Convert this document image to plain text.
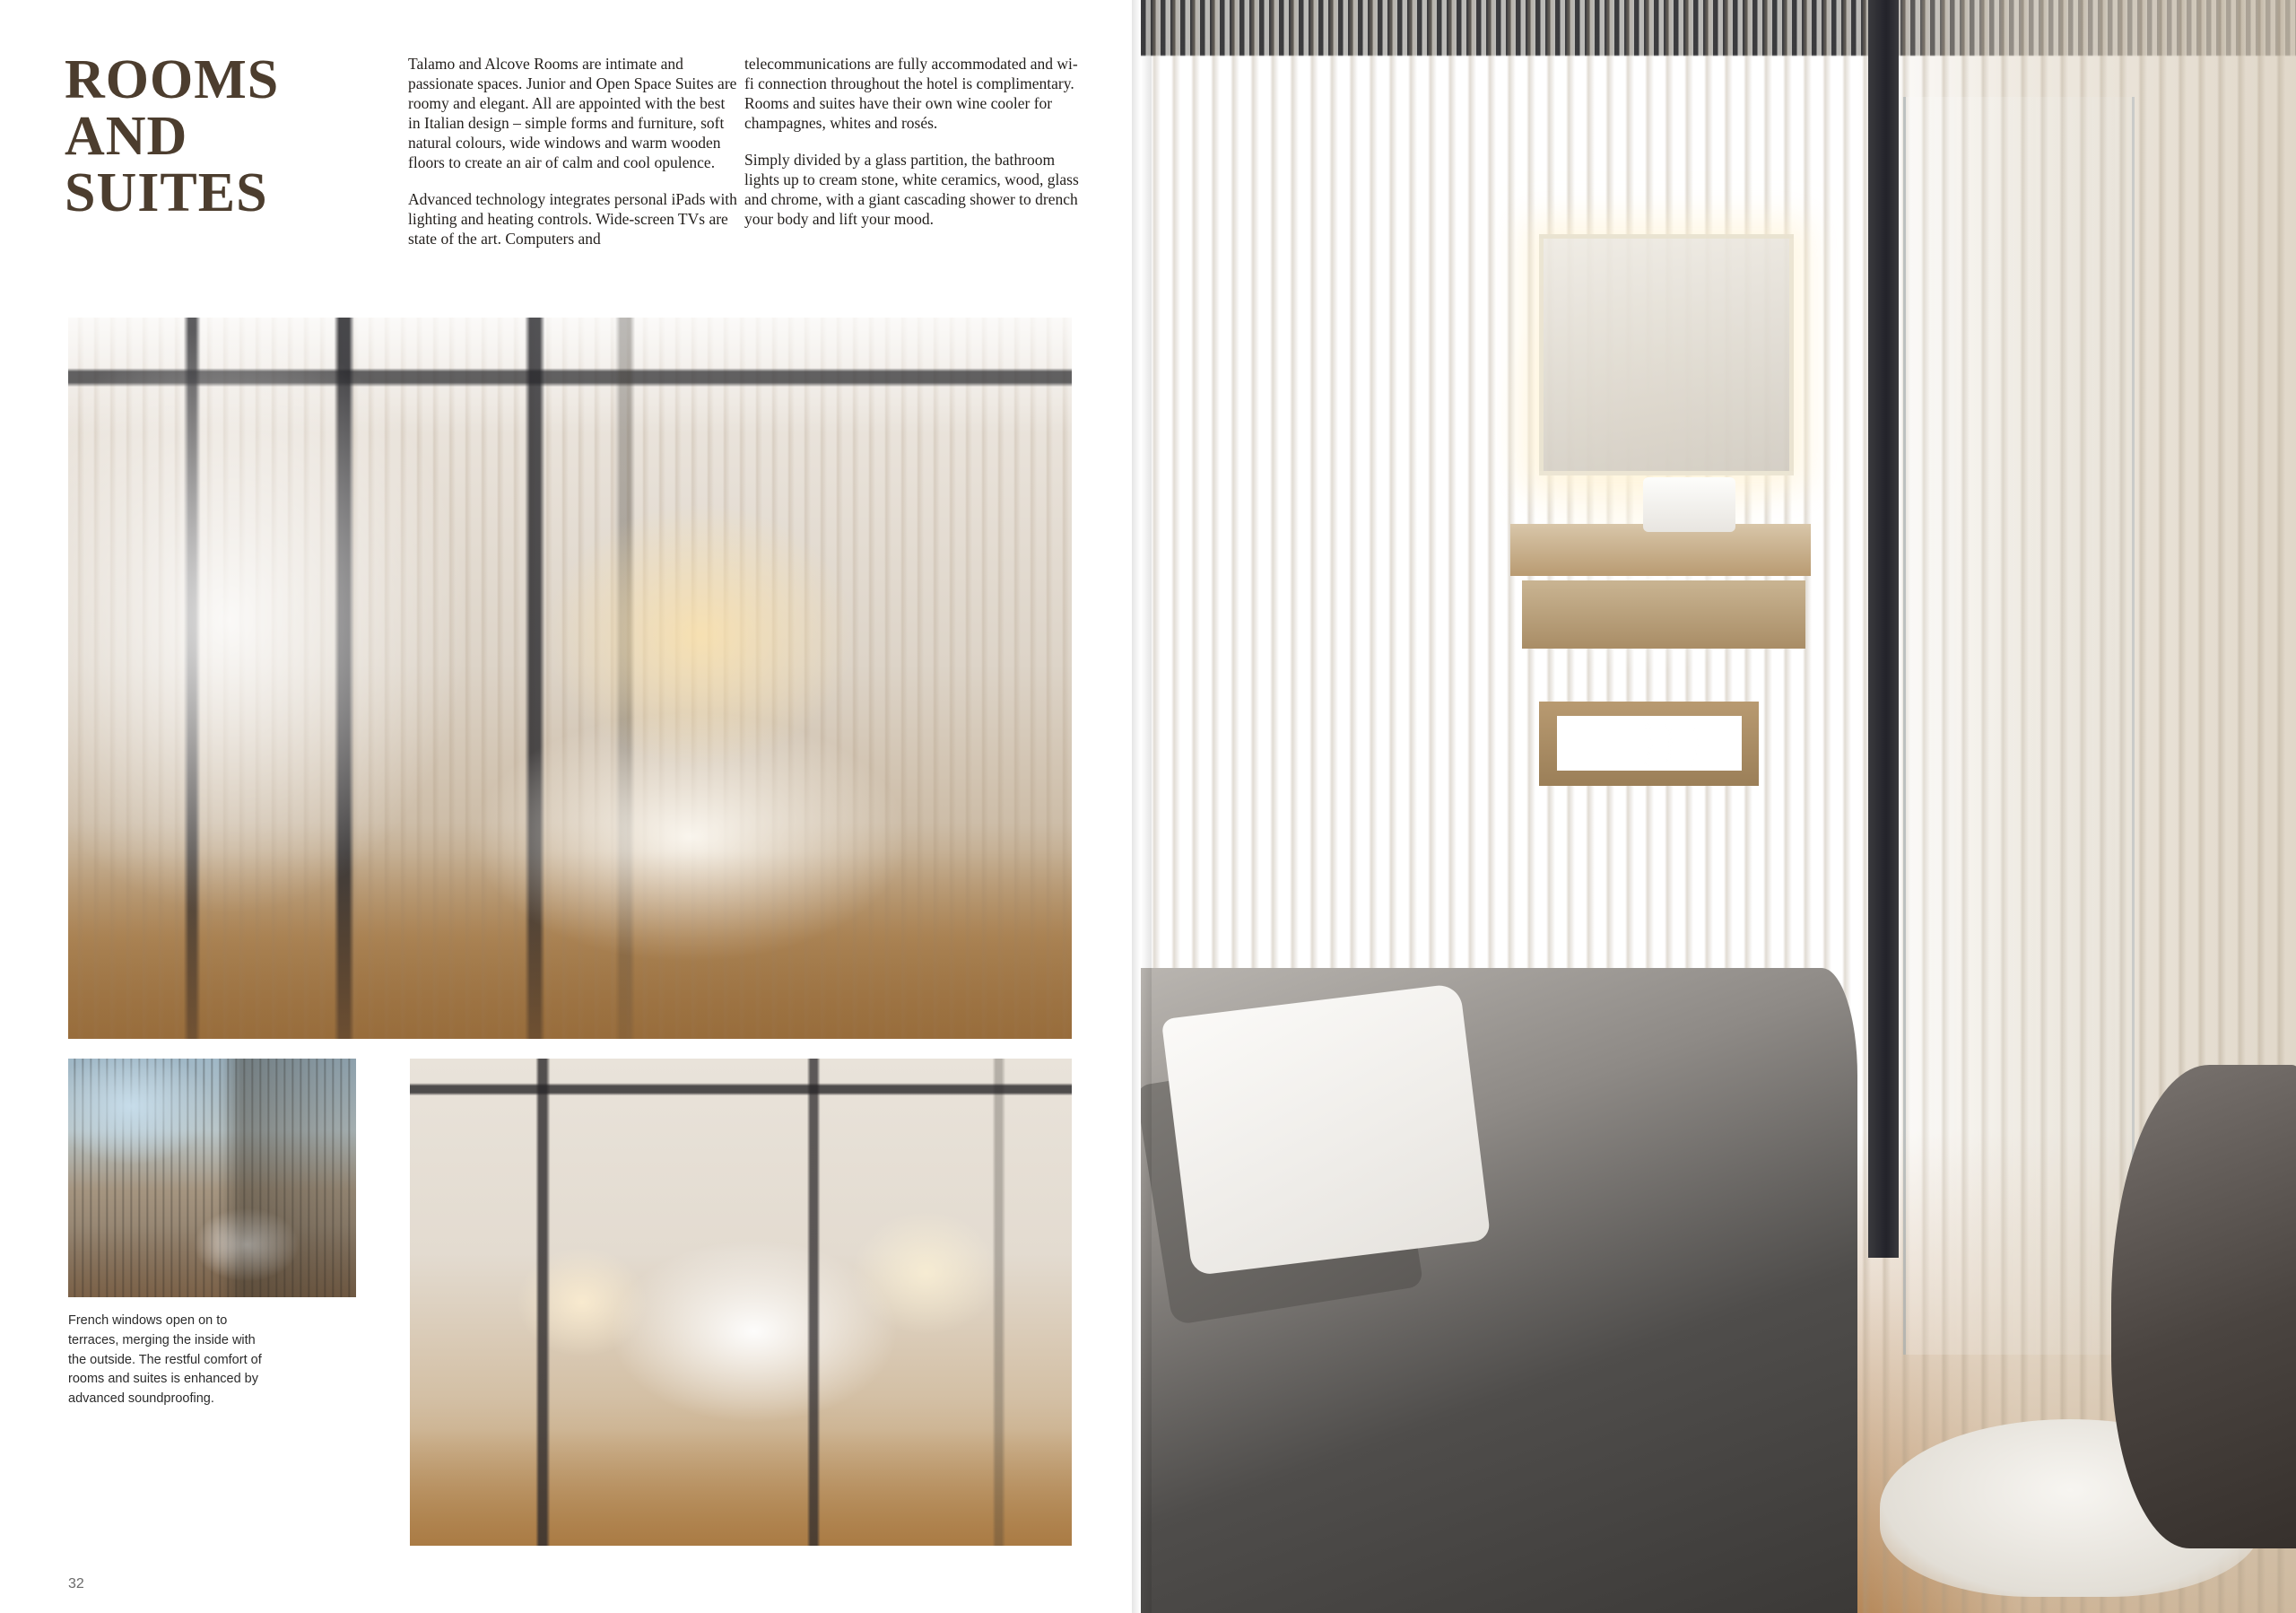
ROOMS
AND
SUITES

Talamo and Alcove Rooms are intimate and passionate spaces. Junior and Open Space Suites are roomy and elegant. All are appointed with the best in Italian design – simple forms and furniture, soft natural colours, wide windows and warm wooden floors to create an air of calm and cool opulence.

Advanced technology integrates personal iPads with lighting and heating controls. Wide-screen TVs are state of the art. Computers and

telecommunications are fully accommodated and wi-fi connection throughout the hotel is complimentary. Rooms and suites have their own wine cooler for champagnes, whites and rosés.

Simply divided by a glass partition, the bathroom lights up to cream stone, white ceramics, wood, glass and chrome, with a giant cascading shower to drench your body and lift your mood.

French windows open on to terraces, merging the inside with the outside. The restful comfort of rooms and suites is enhanced by advanced soundproofing.
32
